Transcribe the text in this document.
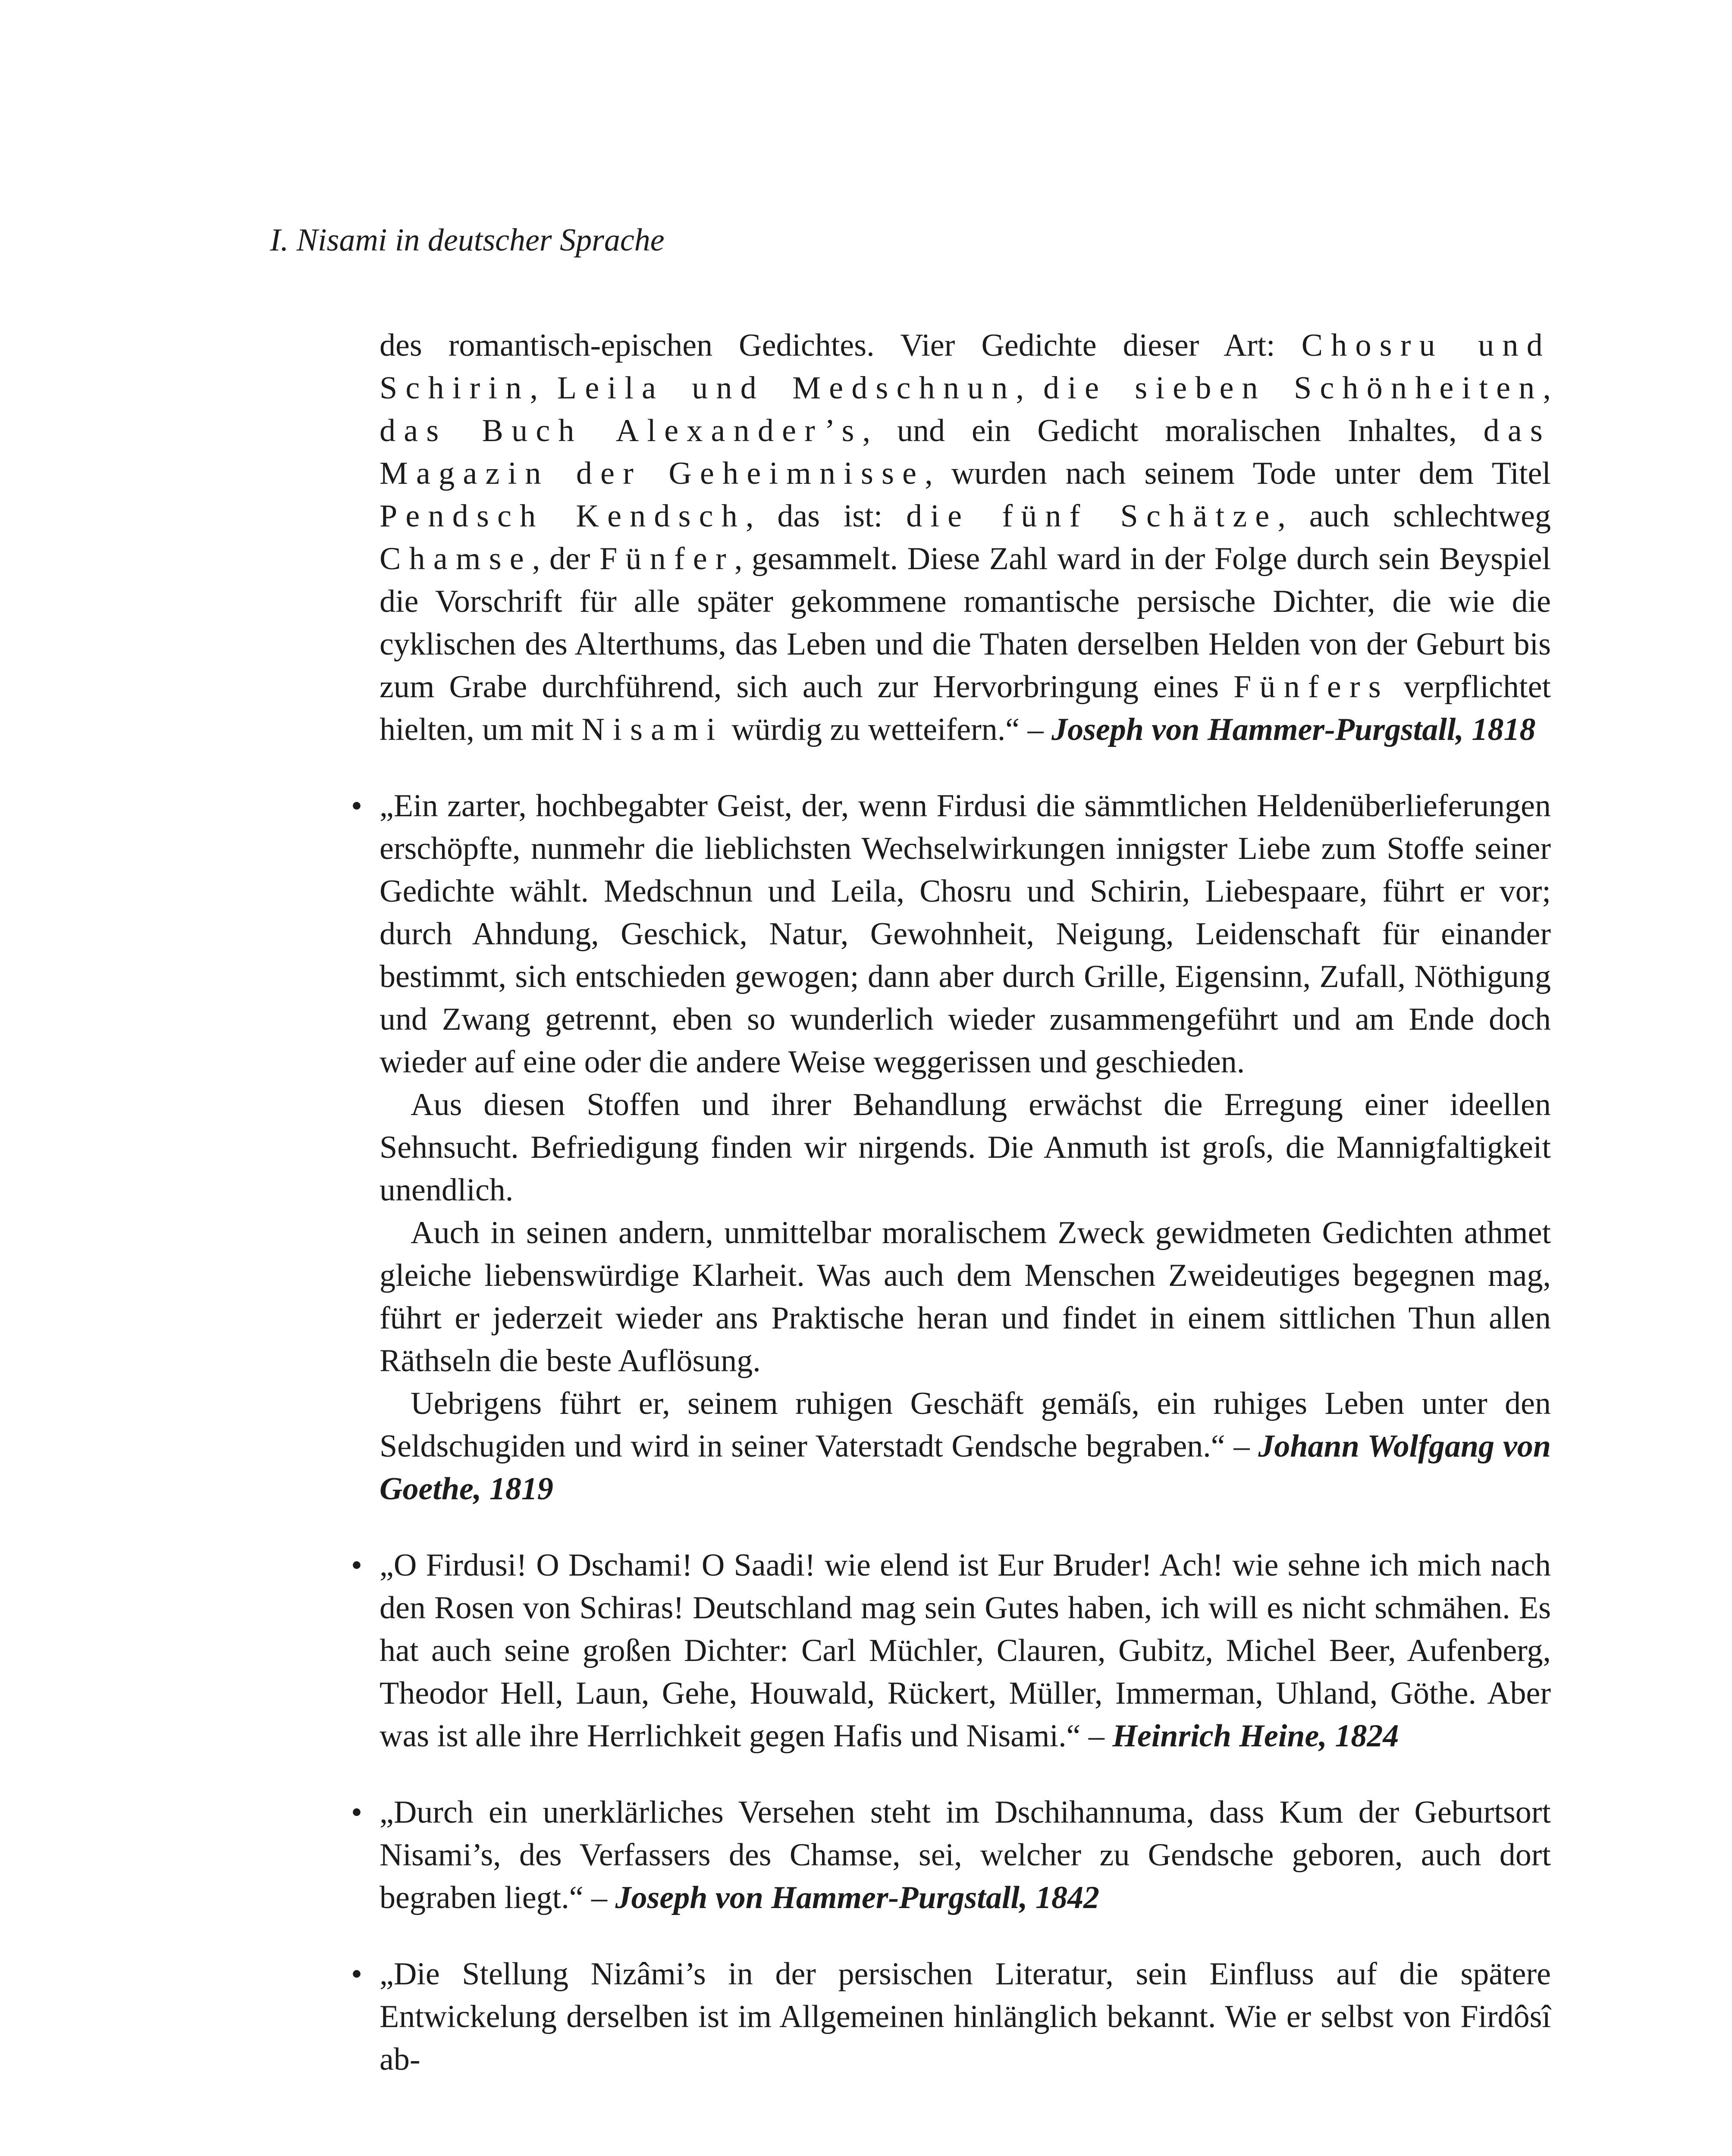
I. Nisami in deutscher Sprache

des romantisch-epischen Gedichtes. Vier Gedichte dieser Art: Chosru und Schirin, Leila und Medschnun, die sieben Schönheiten, das Buch Alexander’s, und ein Gedicht moralischen Inhaltes, das Magazin der Geheimnisse, wurden nach seinem Tode unter dem Titel Pendsch Kendsch, das ist: die fünf Schätze, auch schlechtweg Chamse, der Fünfer, gesammelt. Diese Zahl ward in der Folge durch sein Beyspiel die Vorschrift für alle später gekommene romantische persische Dichter, die wie die cyklischen des Alterthums, das Leben und die Thaten derselben Helden von der Geburt bis zum Grabe durchführend, sich auch zur Hervorbringung eines Fünfers verpflichtet hielten, um mit Nisami würdig zu wetteifern.“ – Joseph von Hammer-Purgstall, 1818

• „Ein zarter, hochbegabter Geist, der, wenn Firdusi die sämmtlichen Heldenüberlieferungen erschöpfte, nunmehr die lieblichsten Wechselwirkungen innigster Liebe zum Stoffe seiner Gedichte wählt. Medschnun und Leila, Chosru und Schirin, Liebespaare, führt er vor; durch Ahndung, Geschick, Natur, Gewohnheit, Neigung, Leidenschaft für einander bestimmt, sich entschieden gewogen; dann aber durch Grille, Eigensinn, Zufall, Nöthigung und Zwang getrennt, eben so wunderlich wieder zusammengeführt und am Ende doch wieder auf eine oder die andere Weise weggerissen und geschieden.

Aus diesen Stoffen und ihrer Behandlung erwächst die Erregung einer ideellen Sehnsucht. Befriedigung finden wir nirgends. Die Anmuth ist groſs, die Mannigfaltigkeit unendlich.

Auch in seinen andern, unmittelbar moralischem Zweck gewidmeten Gedichten athmet gleiche liebenswürdige Klarheit. Was auch dem Menschen Zweideutiges begegnen mag, führt er jederzeit wieder ans Praktische heran und findet in einem sittlichen Thun allen Räthseln die beste Auflösung.

Uebrigens führt er, seinem ruhigen Geschäft gemäſs, ein ruhiges Leben unter den Seldschugiden und wird in seiner Vaterstadt Gendsche begraben.“ – Johann Wolfgang von Goethe, 1819

• „O Firdusi! O Dschami! O Saadi! wie elend ist Eur Bruder! Ach! wie sehne ich mich nach den Rosen von Schiras! Deutschland mag sein Gutes haben, ich will es nicht schmähen. Es hat auch seine großen Dichter: Carl Müchler, Clauren, Gubitz, Michel Beer, Aufenberg, Theodor Hell, Laun, Gehe, Houwald, Rückert, Müller, Immerman, Uhland, Göthe. Aber was ist alle ihre Herrlichkeit gegen Hafis und Nisami.“ – Heinrich Heine, 1824

• „Durch ein unerklärliches Versehen steht im Dschihannuma, dass Kum der Geburtsort Nisami’s, des Verfassers des Chamse, sei, welcher zu Gendsche geboren, auch dort begraben liegt.“ – Joseph von Hammer-Purgstall, 1842

• „Die Stellung Nizâmi’s in der persischen Literatur, sein Einfluss auf die spätere Entwickelung derselben ist im Allgemeinen hinlänglich bekannt. Wie er selbst von Firdôsî ab-
